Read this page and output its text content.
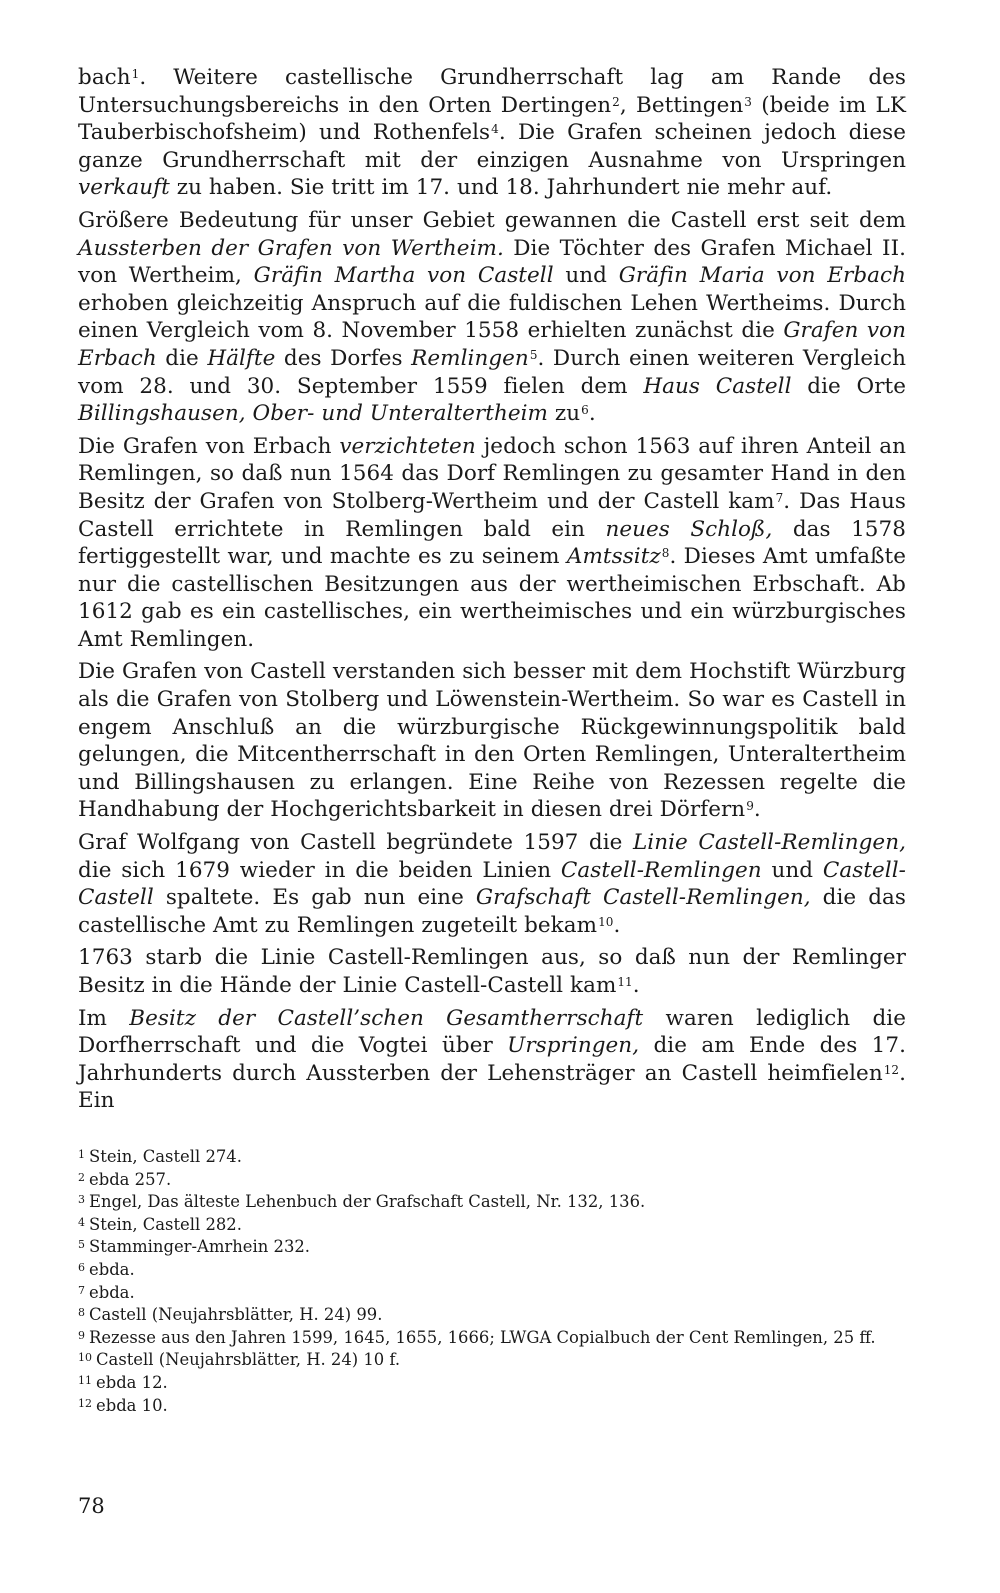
bach$^1$. Weitere castellische Grundherrschaft lag am Rande des Untersuchungsbereichs in den Orten Dertingen$^2$, Bettingen$^3$ (beide im LK Tauberbischofsheim) und Rothenfels$^4$. Die Grafen scheinen jedoch diese ganze Grundherrschaft mit der einzigen Ausnahme von Urspringen verkauft zu haben. Sie tritt im 17. und 18. Jahrhundert nie mehr auf.

Größere Bedeutung für unser Gebiet gewannen die Castell erst seit dem Aussterben der Grafen von Wertheim. Die Töchter des Grafen Michael II. von Wertheim, Gräfin Martha von Castell und Gräfin Maria von Erbach erhoben gleichzeitig Anspruch auf die fuldischen Lehen Wertheims. Durch einen Vergleich vom 8. November 1558 erhielten zunächst die Grafen von Erbach die Hälfte des Dorfes Remlingen$^5$. Durch einen weiteren Vergleich vom 28. und 30. September 1559 fielen dem Haus Castell die Orte Billingshausen, Ober- und Unteraltertheim zu$^6$.

Die Grafen von Erbach verzichteten jedoch schon 1563 auf ihren Anteil an Remlingen, so daß nun 1564 das Dorf Remlingen zu gesamter Hand in den Besitz der Grafen von Stolberg-Wertheim und der Castell kam$^7$. Das Haus Castell errichtete in Remlingen bald ein neues Schloß, das 1578 fertiggestellt war, und machte es zu seinem Amtssitz$^8$. Dieses Amt umfaßte nur die castellischen Besitzungen aus der wertheimischen Erbschaft. Ab 1612 gab es ein castellisches, ein wertheimisches und ein würzburgisches Amt Remlingen.

Die Grafen von Castell verstanden sich besser mit dem Hochstift Würzburg als die Grafen von Stolberg und Löwenstein-Wertheim. So war es Castell in engem Anschluß an die würzburgische Rückgewinnungspolitik bald gelungen, die Mitcentherrschaft in den Orten Remlingen, Unteraltertheim und Billingshausen zu erlangen. Eine Reihe von Rezessen regelte die Handhabung der Hochgerichtsbarkeit in diesen drei Dörfern$^9$.

Graf Wolfgang von Castell begründete 1597 die Linie Castell-Remlingen, die sich 1679 wieder in die beiden Linien Castell-Remlingen und Castell-Castell spaltete. Es gab nun eine Grafschaft Castell-Remlingen, die das castellische Amt zu Remlingen zugeteilt bekam$^{10}$.

1763 starb die Linie Castell-Remlingen aus, so daß nun der Remlinger Besitz in die Hände der Linie Castell-Castell kam$^{11}$.

Im Besitz der Castell’schen Gesamtherrschaft waren lediglich die Dorfherrschaft und die Vogtei über Urspringen, die am Ende des 17. Jahrhunderts durch Aussterben der Lehensträger an Castell heimfielen$^{12}$. Ein

$^1$ Stein, Castell 274.
$^2$ ebda 257.
$^3$ Engel, Das älteste Lehenbuch der Grafschaft Castell, Nr. 132, 136.
$^4$ Stein, Castell 282.
$^5$ Stamminger-Amrhein 232.
$^6$ ebda.
$^7$ ebda.
$^8$ Castell (Neujahrsblätter, H. 24) 99.
$^9$ Rezesse aus den Jahren 1599, 1645, 1655, 1666; LWGA Copialbuch der Cent Remlingen, 25 ff.
$^{10}$ Castell (Neujahrsblätter, H. 24) 10 f.
$^{11}$ ebda 12.
$^{12}$ ebda 10.
78
